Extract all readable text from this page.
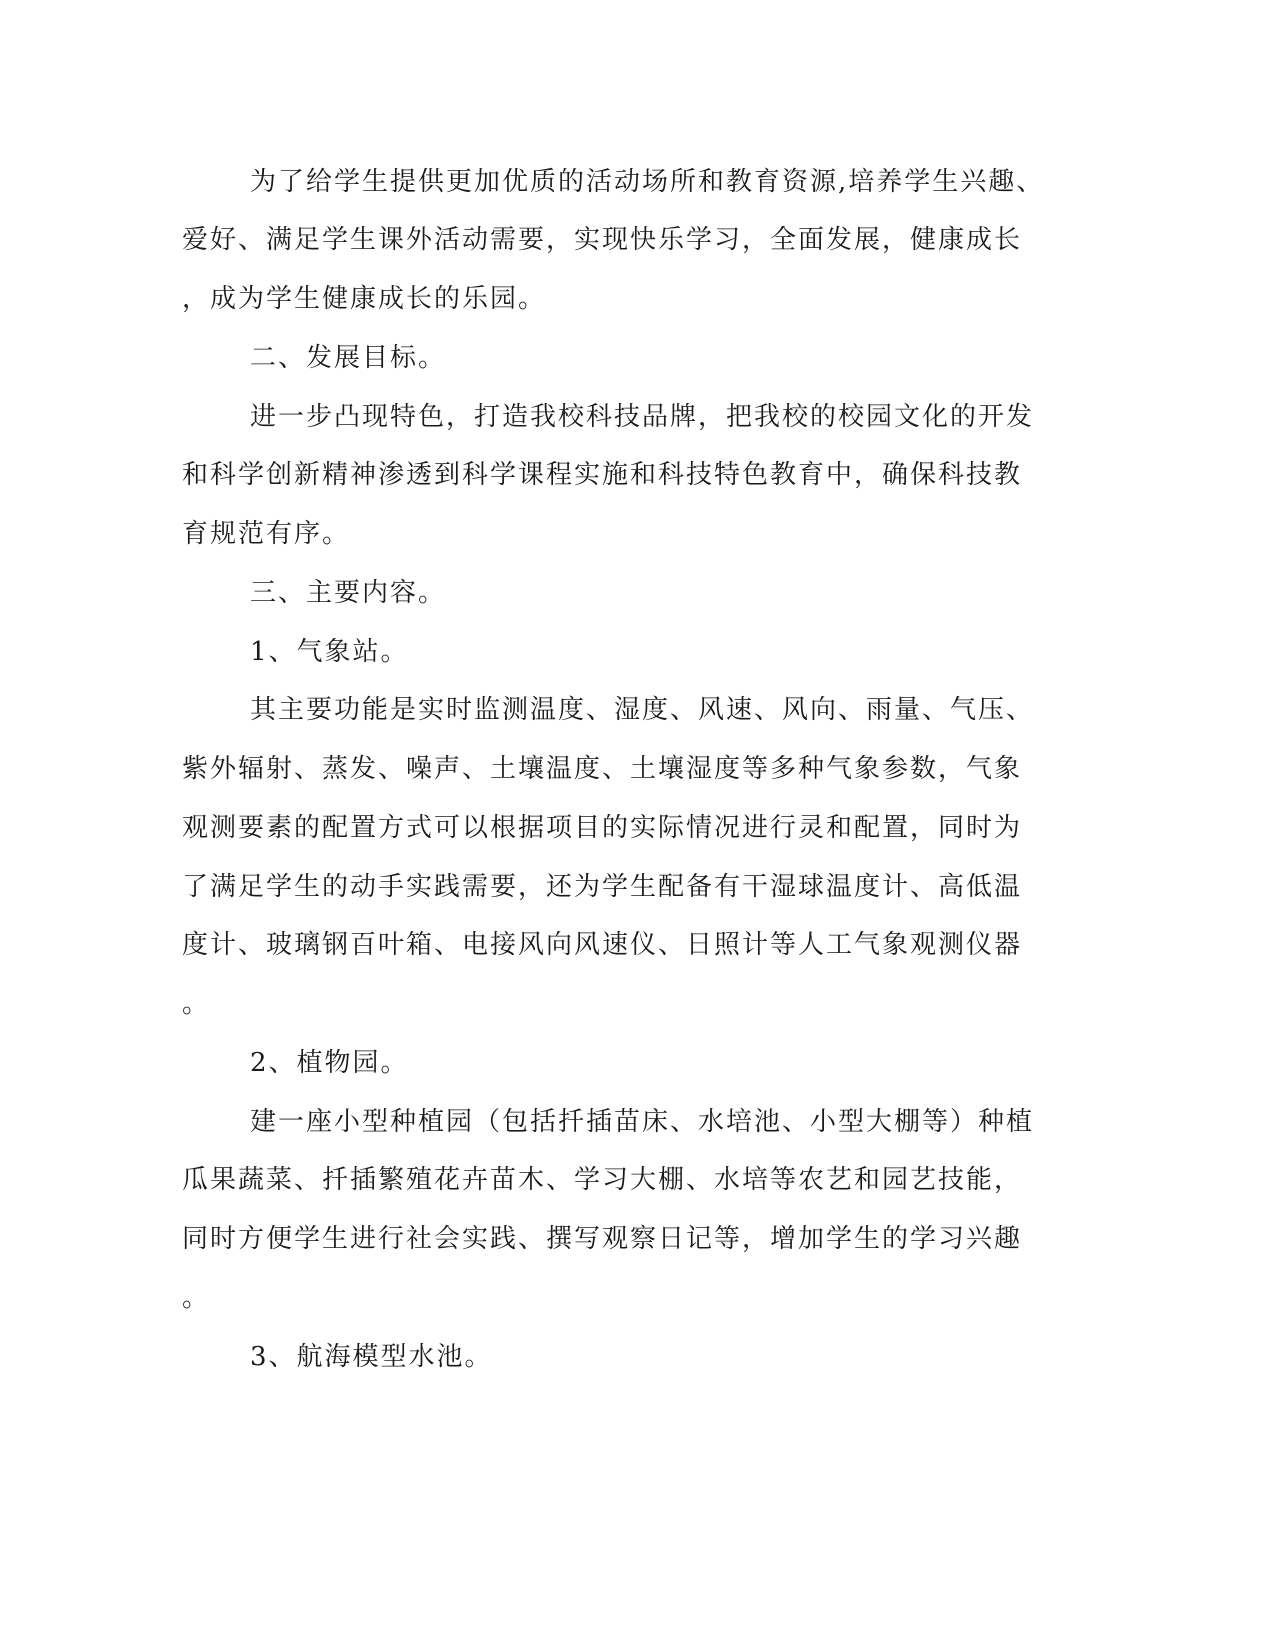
为了给学生提供更加优质的活动场所和教育资源,培养学生兴趣、
爱好、满足学生课外活动需要，实现快乐学习，全面发展，健康成长
，成为学生健康成长的乐园。
二、发展目标。
进一步凸现特色，打造我校科技品牌，把我校的校园文化的开发
和科学创新精神渗透到科学课程实施和科技特色教育中，确保科技教
育规范有序。
三、主要内容。
1、气象站。
其主要功能是实时监测温度、湿度、风速、风向、雨量、气压、
紫外辐射、蒸发、噪声、土壤温度、土壤湿度等多种气象参数，气象
观测要素的配置方式可以根据项目的实际情况进行灵和配置，同时为
了满足学生的动手实践需要，还为学生配备有干湿球温度计、高低温
度计、玻璃钢百叶箱、电接风向风速仪、日照计等人工气象观测仪器
。
2、植物园。
建一座小型种植园（包括扦插苗床、水培池、小型大棚等）种植
瓜果蔬菜、扦插繁殖花卉苗木、学习大棚、水培等农艺和园艺技能，
同时方便学生进行社会实践、撰写观察日记等，增加学生的学习兴趣
。
3、航海模型水池。
